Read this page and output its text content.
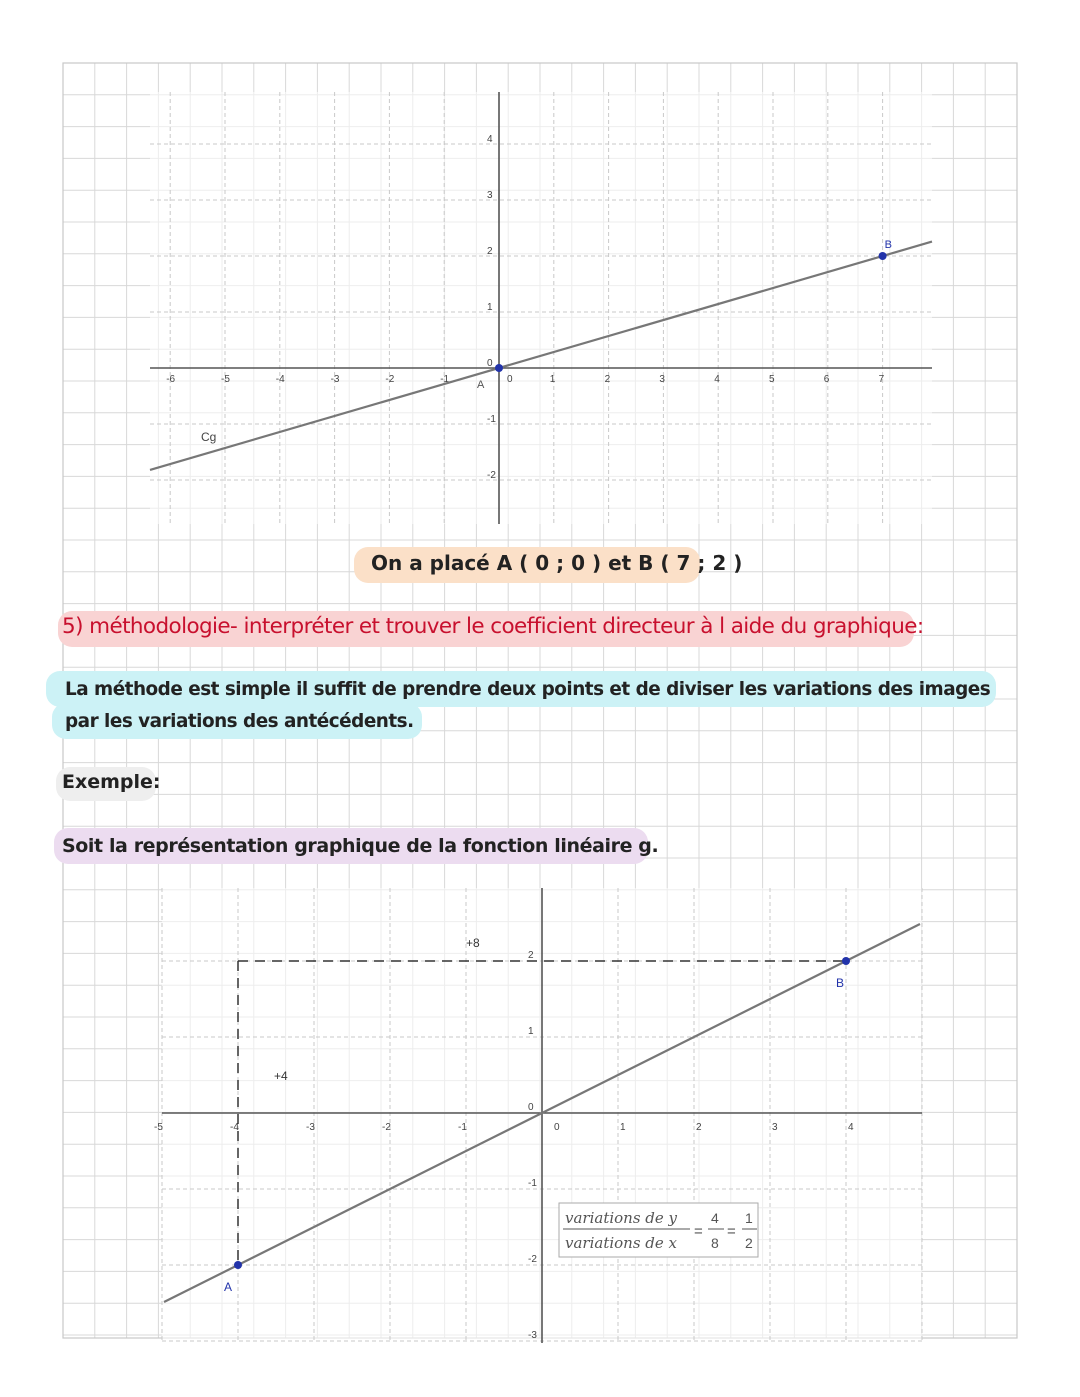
-6	-5	-4	-3	-2	-1	0	1	2	3	4	5	6	7
4
3
2
1
0
-1
-2
A
B
Cg
On a placé A ( 0 ; 0 ) et B ( 7 ; 2 )
5) méthodologie- interpréter et trouver le coefficient directeur à l aide du graphique:
La méthode est simple il suffit de prendre deux points et de diviser les variations des images
par les variations des antécédents.
Exemple:
Soit la représentation graphique de la fonction linéaire g.
-5	-4	-3	-2	-1	0	1	2	3	4
2
1
0
-1
-2
-3
A
B
+8
+4
variations de y
variations de x
=
4
8
=
1
2
